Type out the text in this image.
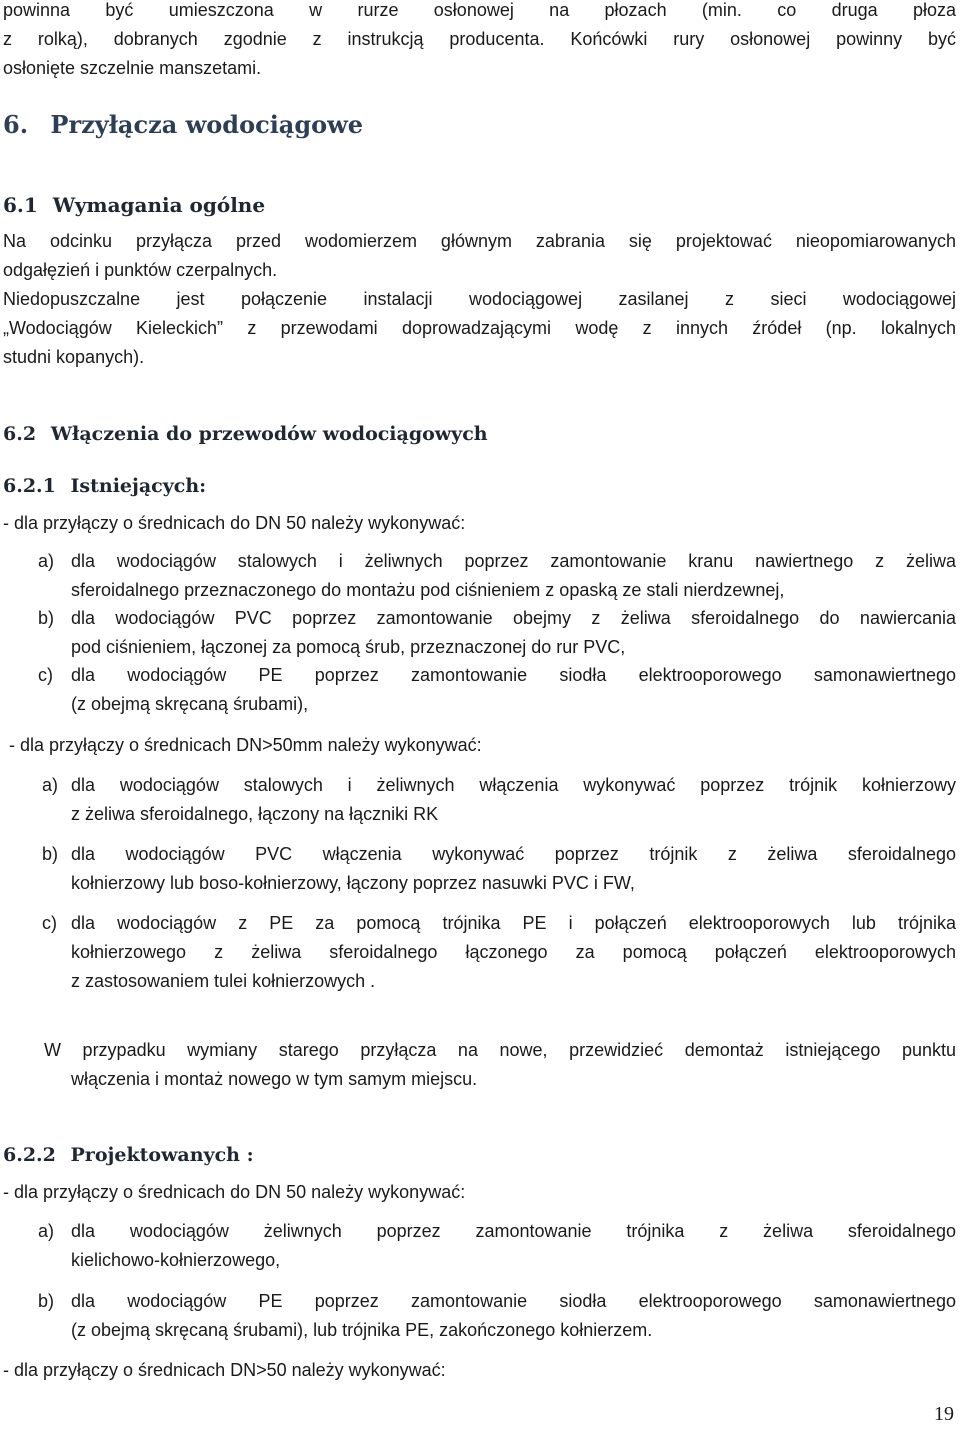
powinna być umieszczona w rurze osłonowej na płozach (min. co druga płoza
z rolką), dobranych zgodnie z instrukcją producenta. Końcówki rury osłonowej powinny być
osłonięte szczelnie manszetami.
6. Przyłącza wodociągowe
6.1 Wymagania ogólne
Na odcinku przyłącza przed wodomierzem głównym zabrania się projektować nieopomiarowanych
odgałęzień i punktów czerpalnych.
Niedopuszczalne jest połączenie instalacji wodociągowej zasilanej z sieci wodociągowej
„Wodociągów Kieleckich” z przewodami doprowadzającymi wodę z innych źródeł (np. lokalnych
studni kopanych).
6.2 Włączenia do przewodów wodociągowych
6.2.1 Istniejących:
- dla przyłączy o średnicach do DN 50 należy wykonywać:
a) dla wodociągów stalowych i żeliwnych poprzez zamontowanie kranu nawiertnego z żeliwa
sferoidalnego przeznaczonego do montażu pod ciśnieniem z opaską ze stali nierdzewnej,
b) dla wodociągów PVC poprzez zamontowanie obejmy z żeliwa sferoidalnego do nawiercania
pod ciśnieniem, łączonej za pomocą śrub, przeznaczonej do rur PVC,
c) dla wodociągów PE poprzez zamontowanie siodła elektrooporowego samonawiertnego
(z obejmą skręcaną śrubami),
- dla przyłączy o średnicach DN>50mm należy wykonywać:
a) dla wodociągów stalowych i żeliwnych włączenia wykonywać poprzez trójnik kołnierzowy
z żeliwa sferoidalnego, łączony na łączniki RK
b) dla wodociągów PVC włączenia wykonywać poprzez trójnik z żeliwa sferoidalnego
kołnierzowy lub boso-kołnierzowy, łączony poprzez nasuwki PVC i FW,
c) dla wodociągów z PE za pomocą trójnika PE i połączeń elektrooporowych lub trójnika
kołnierzowego z żeliwa sferoidalnego łączonego za pomocą połączeń elektrooporowych
z zastosowaniem tulei kołnierzowych .
W przypadku wymiany starego przyłącza na nowe, przewidzieć demontaż istniejącego punktu
włączenia i montaż nowego w tym samym miejscu.
6.2.2 Projektowanych :
- dla przyłączy o średnicach do DN 50 należy wykonywać:
a) dla wodociągów żeliwnych poprzez zamontowanie trójnika z żeliwa sferoidalnego
kielichowo-kołnierzowego,
b) dla wodociągów PE poprzez zamontowanie siodła elektrooporowego samonawiertnego
(z obejmą skręcaną śrubami), lub trójnika PE, zakończonego kołnierzem.
- dla przyłączy o średnicach DN>50 należy wykonywać:
19
